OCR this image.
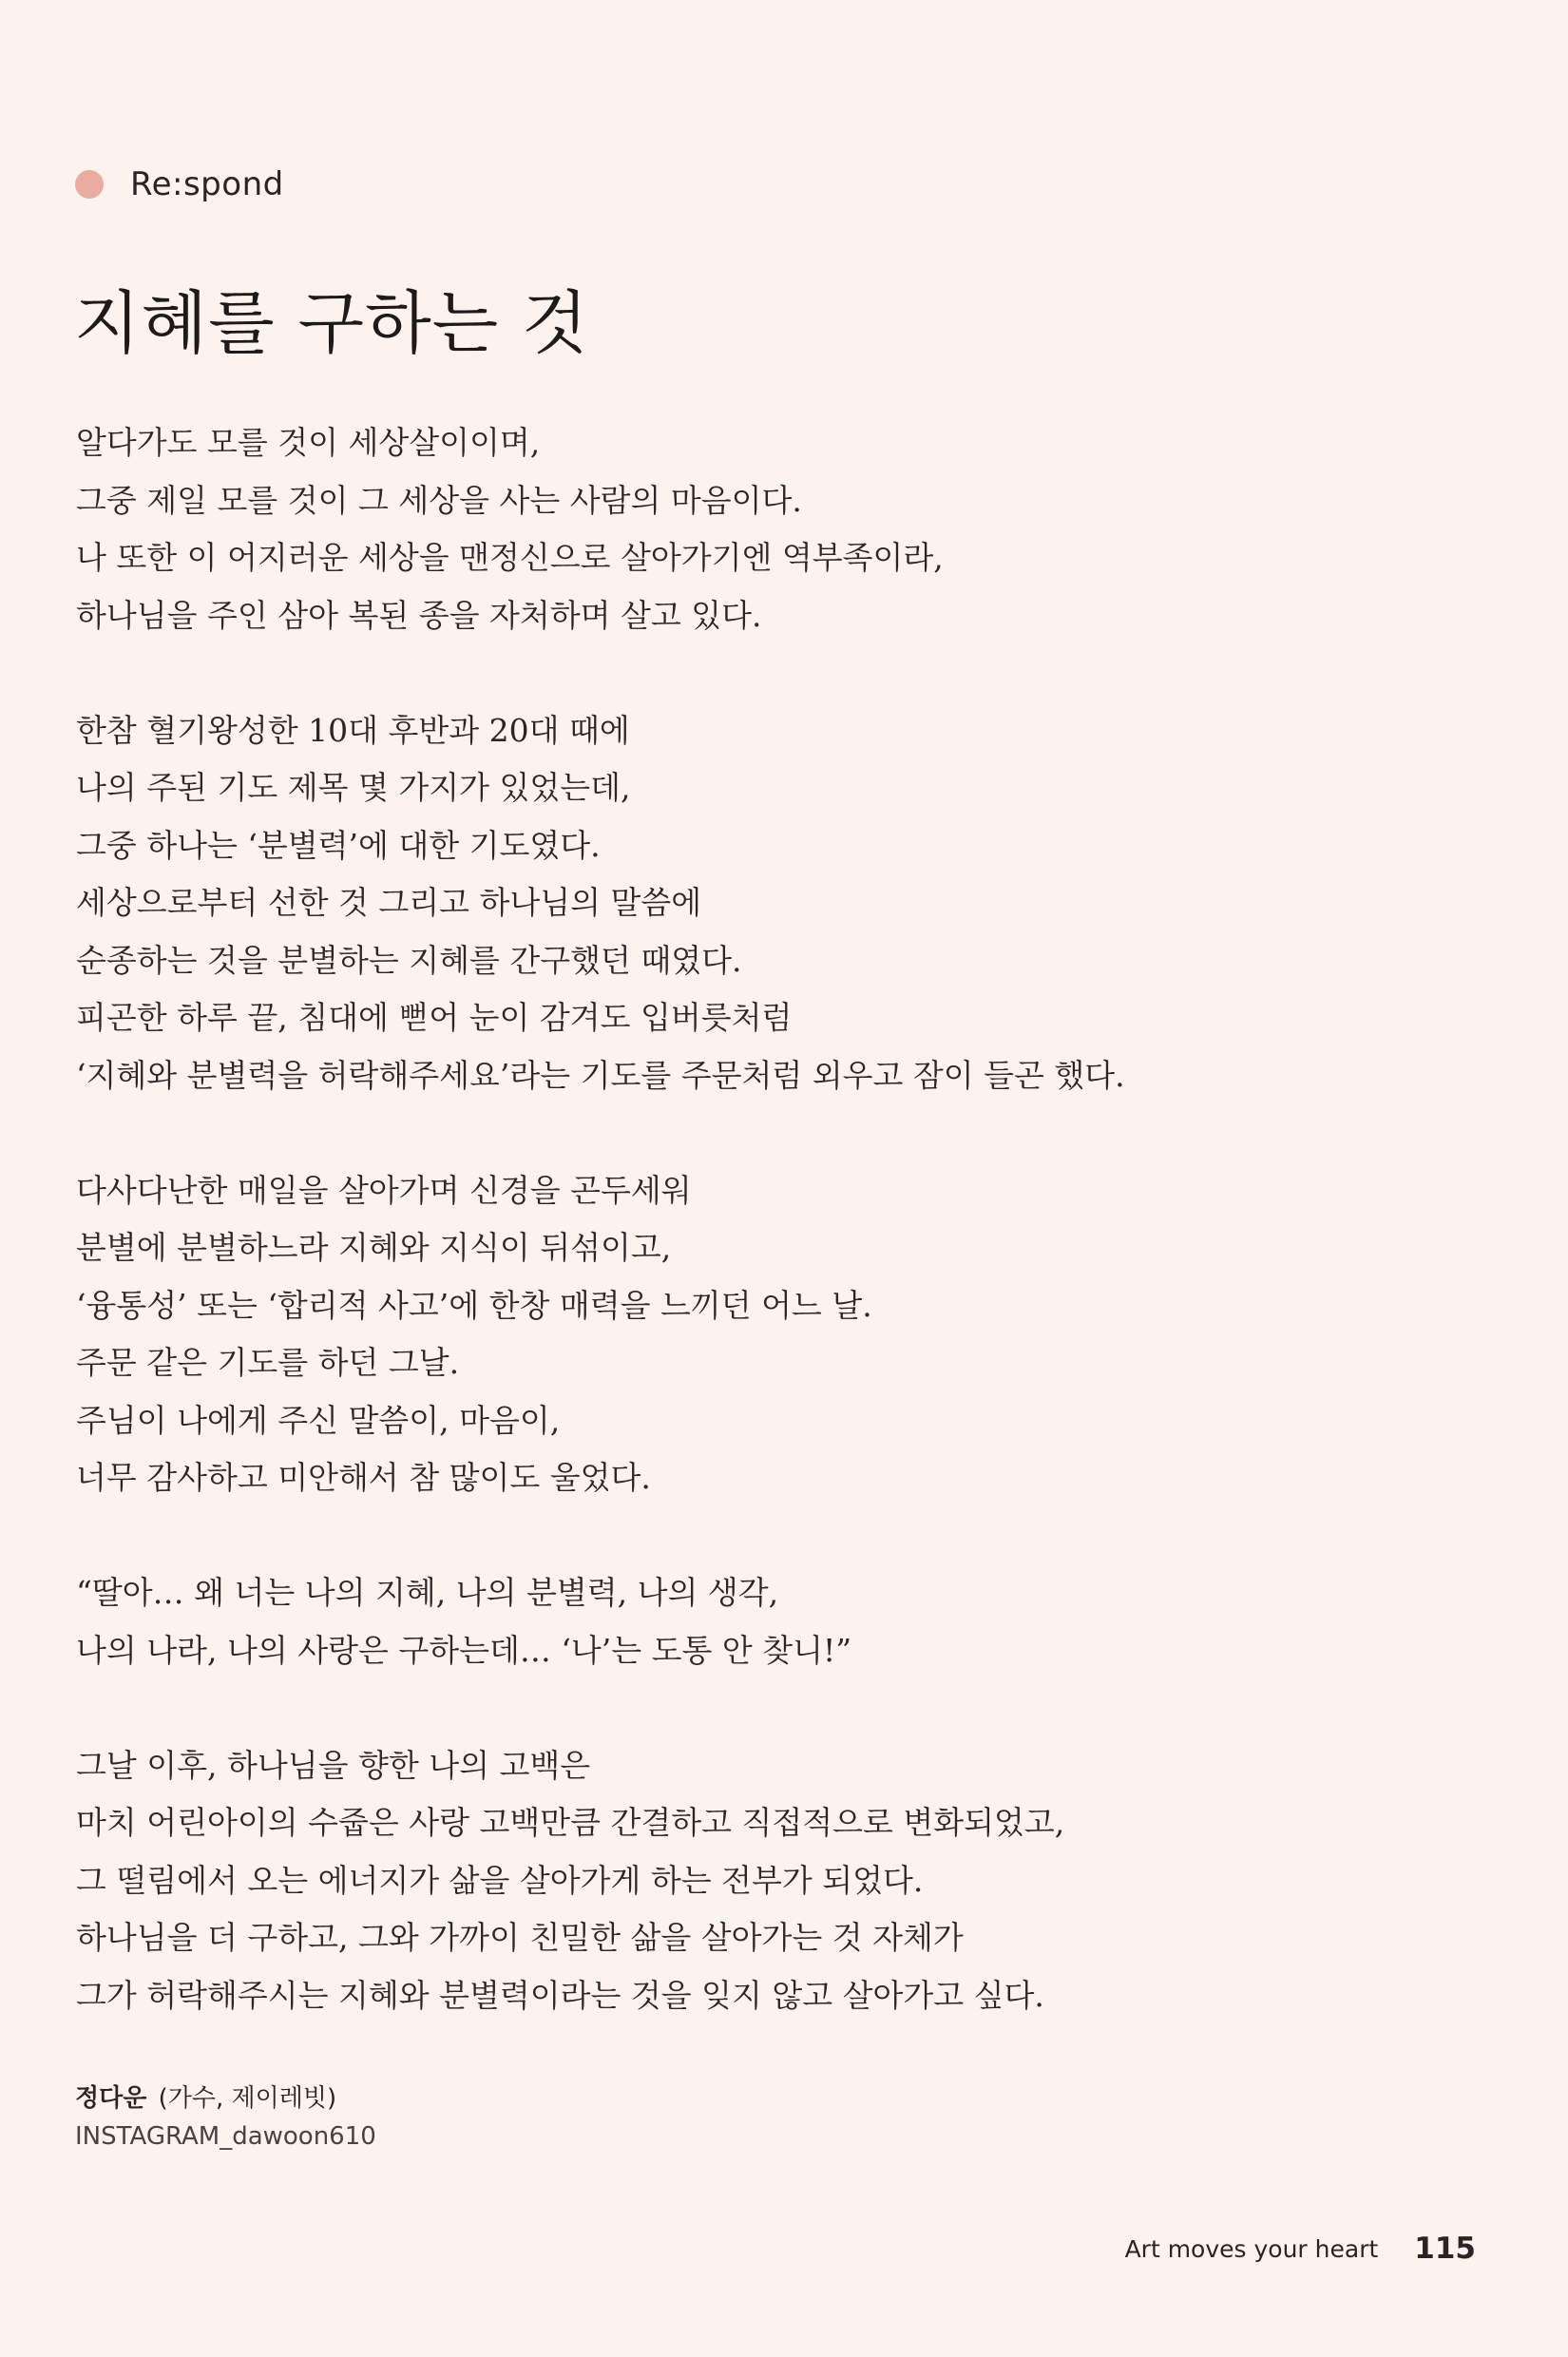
Re:spond
지혜를 구하는 것
알다가도 모를 것이 세상살이이며,
그중 제일 모를 것이 그 세상을 사는 사람의 마음이다.
나 또한 이 어지러운 세상을 맨정신으로 살아가기엔 역부족이라,
하나님을 주인 삼아 복된 종을 자처하며 살고 있다.
한참 혈기왕성한 10대 후반과 20대 때에
나의 주된 기도 제목 몇 가지가 있었는데,
그중 하나는 ‘분별력’에 대한 기도였다.
세상으로부터 선한 것 그리고 하나님의 말씀에
순종하는 것을 분별하는 지혜를 간구했던 때였다.
피곤한 하루 끝, 침대에 뻗어 눈이 감겨도 입버릇처럼
‘지혜와 분별력을 허락해주세요’라는 기도를 주문처럼 외우고 잠이 들곤 했다.
다사다난한 매일을 살아가며 신경을 곤두세워
분별에 분별하느라 지혜와 지식이 뒤섞이고,
‘융통성’ 또는 ‘합리적 사고’에 한창 매력을 느끼던 어느 날.
주문 같은 기도를 하던 그날.
주님이 나에게 주신 말씀이, 마음이,
너무 감사하고 미안해서 참 많이도 울었다.
“딸아… 왜 너는 나의 지혜, 나의 분별력, 나의 생각,
나의 나라, 나의 사랑은 구하는데… ‘나’는 도통 안 찾니!”
그날 이후, 하나님을 향한 나의 고백은
마치 어린아이의 수줍은 사랑 고백만큼 간결하고 직접적으로 변화되었고,
그 떨림에서 오는 에너지가 삶을 살아가게 하는 전부가 되었다.
하나님을 더 구하고, 그와 가까이 친밀한 삶을 살아가는 것 자체가
그가 허락해주시는 지혜와 분별력이라는 것을 잊지 않고 살아가고 싶다.
정다운 (가수, 제이레빗)
INSTAGRAM_dawoon610
Art moves your heart 115
